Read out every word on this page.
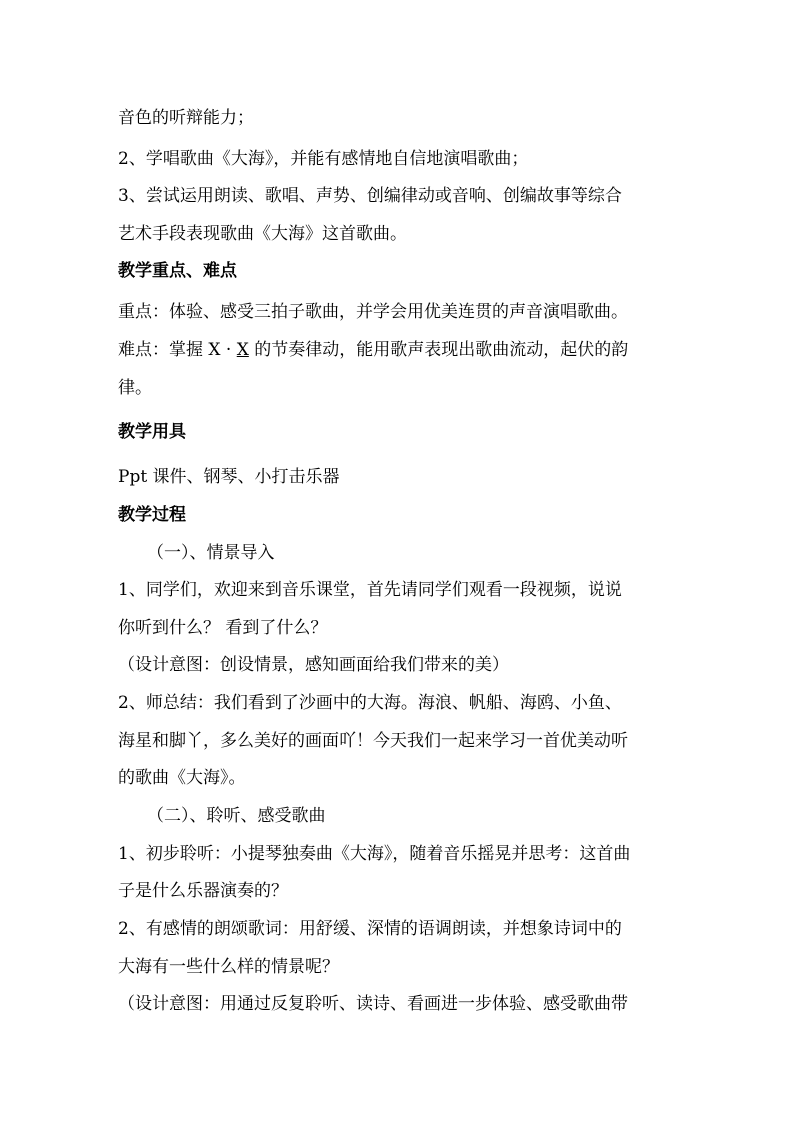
音色的听辩能力；
2、学唱歌曲《大海》，并能有感情地自信地演唱歌曲；
3、尝试运用朗读、歌唱、声势、创编律动或音响、创编故事等综合
艺术手段表现歌曲《大海》这首歌曲。
教学重点、难点
重点：体验、感受三拍子歌曲，并学会用优美连贯的声音演唱歌曲。
难点：掌握 X · X 的节奏律动，能用歌声表现出歌曲流动，起伏的韵
律。
教学用具
Ppt 课件、钢琴、小打击乐器
教学过程
（一）、情景导入
1、同学们，欢迎来到音乐课堂，首先请同学们观看一段视频，说说
你听到什么？ 看到了什么？
（设计意图：创设情景，感知画面给我们带来的美）
2、师总结：我们看到了沙画中的大海。海浪、帆船、海鸥、小鱼、
海星和脚丫，多么美好的画面吖！今天我们一起来学习一首优美动听
的歌曲《大海》。
（二）、聆听、感受歌曲
1、初步聆听：小提琴独奏曲《大海》，随着音乐摇晃并思考：这首曲
子是什么乐器演奏的？
2、有感情的朗颂歌词：用舒缓、深情的语调朗读，并想象诗词中的
大海有一些什么样的情景呢？
（设计意图：用通过反复聆听、读诗、看画进一步体验、感受歌曲带
